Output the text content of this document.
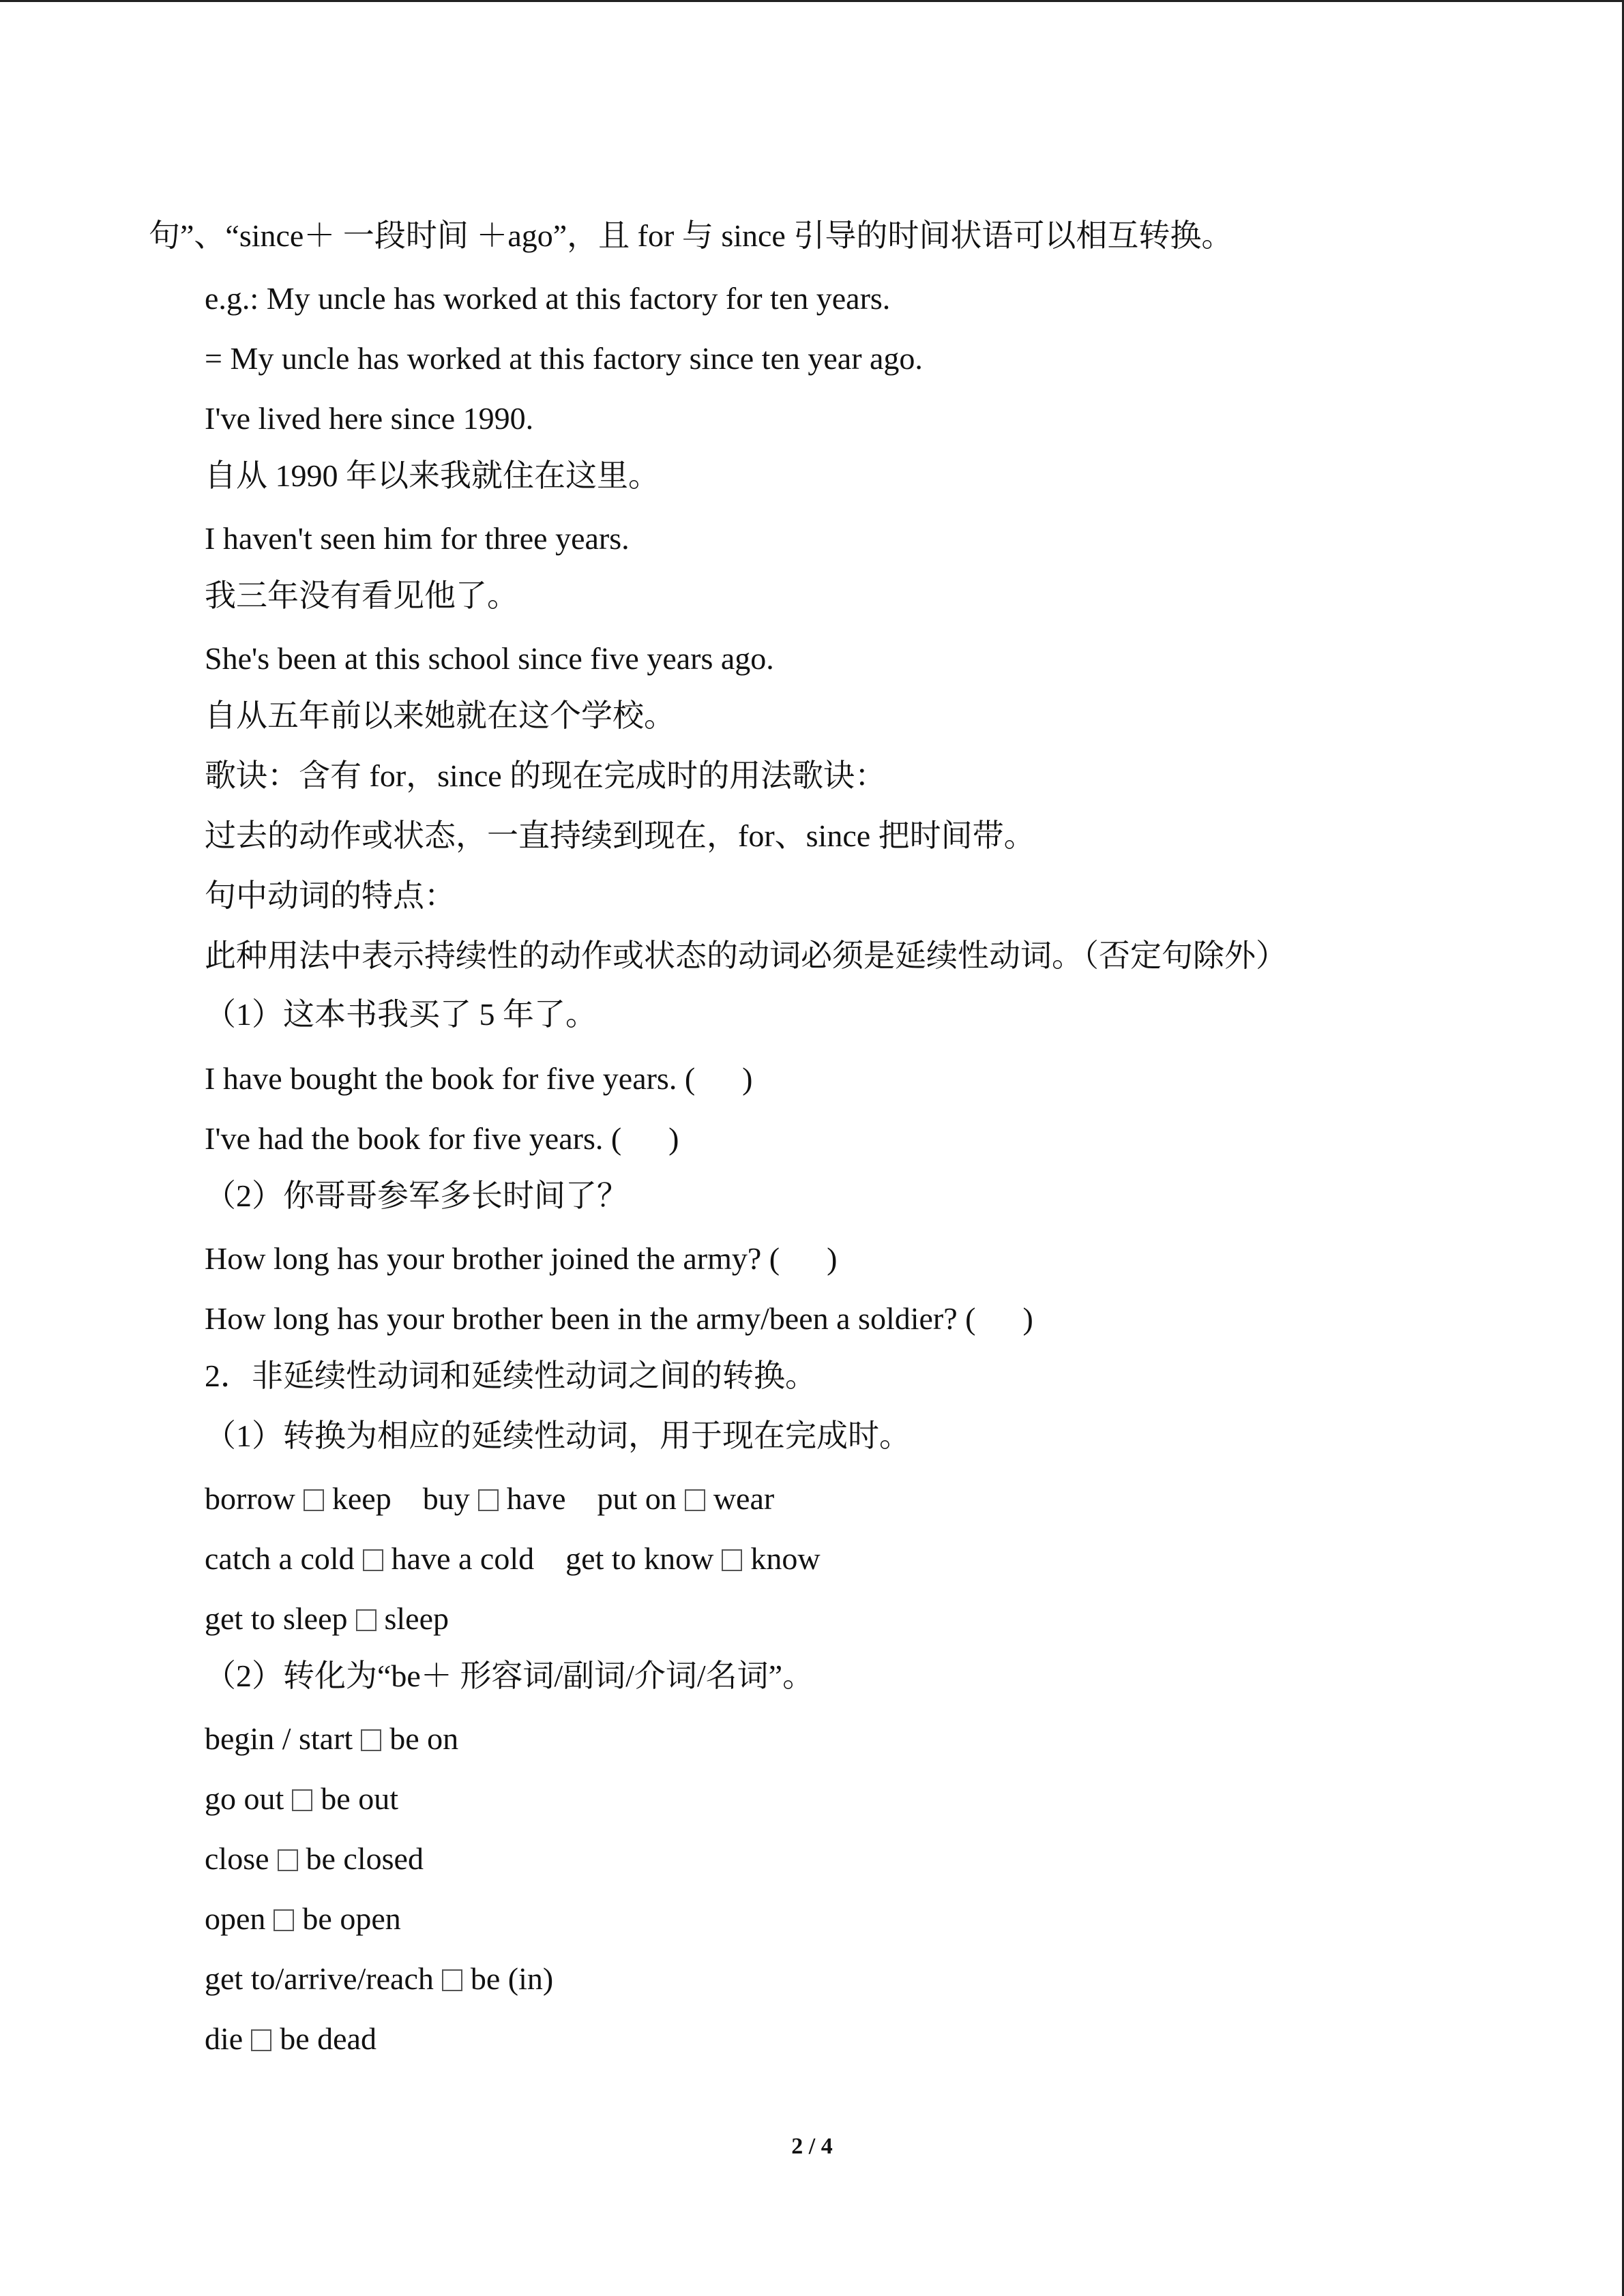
句”、“since＋ 一段时间 ＋ago”，且 for 与 since 引导的时间状语可以相互转换。
e.g.: My uncle has worked at this factory for ten years.
= My uncle has worked at this factory since ten year ago.
I've lived here since 1990.
自从 1990 年以来我就住在这里。
I haven't seen him for three years.
我三年没有看见他了。
She's been at this school since five years ago.
自从五年前以来她就在这个学校。
歌诀：含有 for，since 的现在完成时的用法歌诀：
过去的动作或状态，一直持续到现在，for、since 把时间带。
句中动词的特点：
此种用法中表示持续性的动作或状态的动词必须是延续性动词。（否定句除外）
（1）这本书我买了 5 年了。
I have bought the book for five years. (      )
I've had the book for five years. (      )
（2）你哥哥参军多长时间了？
How long has your brother joined the army? (      )
How long has your brother been in the army/been a soldier? (      )
2．非延续性动词和延续性动词之间的转换。
（1）转换为相应的延续性动词，用于现在完成时。
borrow keep buy have put on wear
catch a cold have a cold get to know know
get to sleep sleep
（2）转化为“be＋ 形容词/副词/介词/名词”。
begin / start be on
go out be out
close be closed
open be open
get to/arrive/reach be (in)
die be dead
2 / 4
